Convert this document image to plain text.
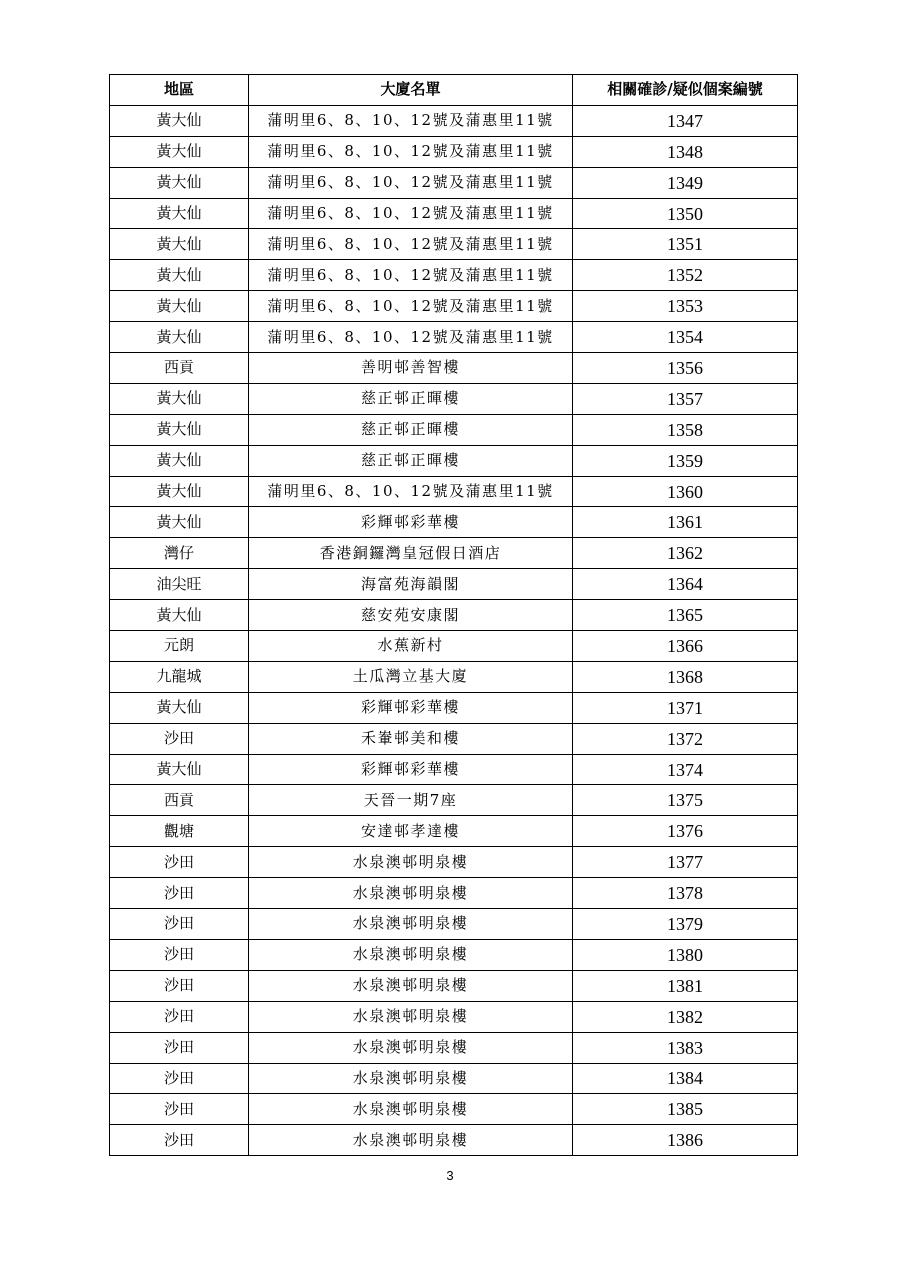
地區	大廈名單	相關確診/疑似個案編號
黃大仙	蒲明里6、8、10、12號及蒲惠里11號	1347
黃大仙	蒲明里6、8、10、12號及蒲惠里11號	1348
黃大仙	蒲明里6、8、10、12號及蒲惠里11號	1349
黃大仙	蒲明里6、8、10、12號及蒲惠里11號	1350
黃大仙	蒲明里6、8、10、12號及蒲惠里11號	1351
黃大仙	蒲明里6、8、10、12號及蒲惠里11號	1352
黃大仙	蒲明里6、8、10、12號及蒲惠里11號	1353
黃大仙	蒲明里6、8、10、12號及蒲惠里11號	1354
西貢	善明邨善智樓	1356
黃大仙	慈正邨正暉樓	1357
黃大仙	慈正邨正暉樓	1358
黃大仙	慈正邨正暉樓	1359
黃大仙	蒲明里6、8、10、12號及蒲惠里11號	1360
黃大仙	彩輝邨彩華樓	1361
灣仔	香港銅鑼灣皇冠假日酒店	1362
油尖旺	海富苑海韻閣	1364
黃大仙	慈安苑安康閣	1365
元朗	水蕉新村	1366
九龍城	土瓜灣立基大廈	1368
黃大仙	彩輝邨彩華樓	1371
沙田	禾輋邨美和樓	1372
黃大仙	彩輝邨彩華樓	1374
西貢	天晉一期7座	1375
觀塘	安達邨孝達樓	1376
沙田	水泉澳邨明泉樓	1377
沙田	水泉澳邨明泉樓	1378
沙田	水泉澳邨明泉樓	1379
沙田	水泉澳邨明泉樓	1380
沙田	水泉澳邨明泉樓	1381
沙田	水泉澳邨明泉樓	1382
沙田	水泉澳邨明泉樓	1383
沙田	水泉澳邨明泉樓	1384
沙田	水泉澳邨明泉樓	1385
沙田	水泉澳邨明泉樓	1386
3
